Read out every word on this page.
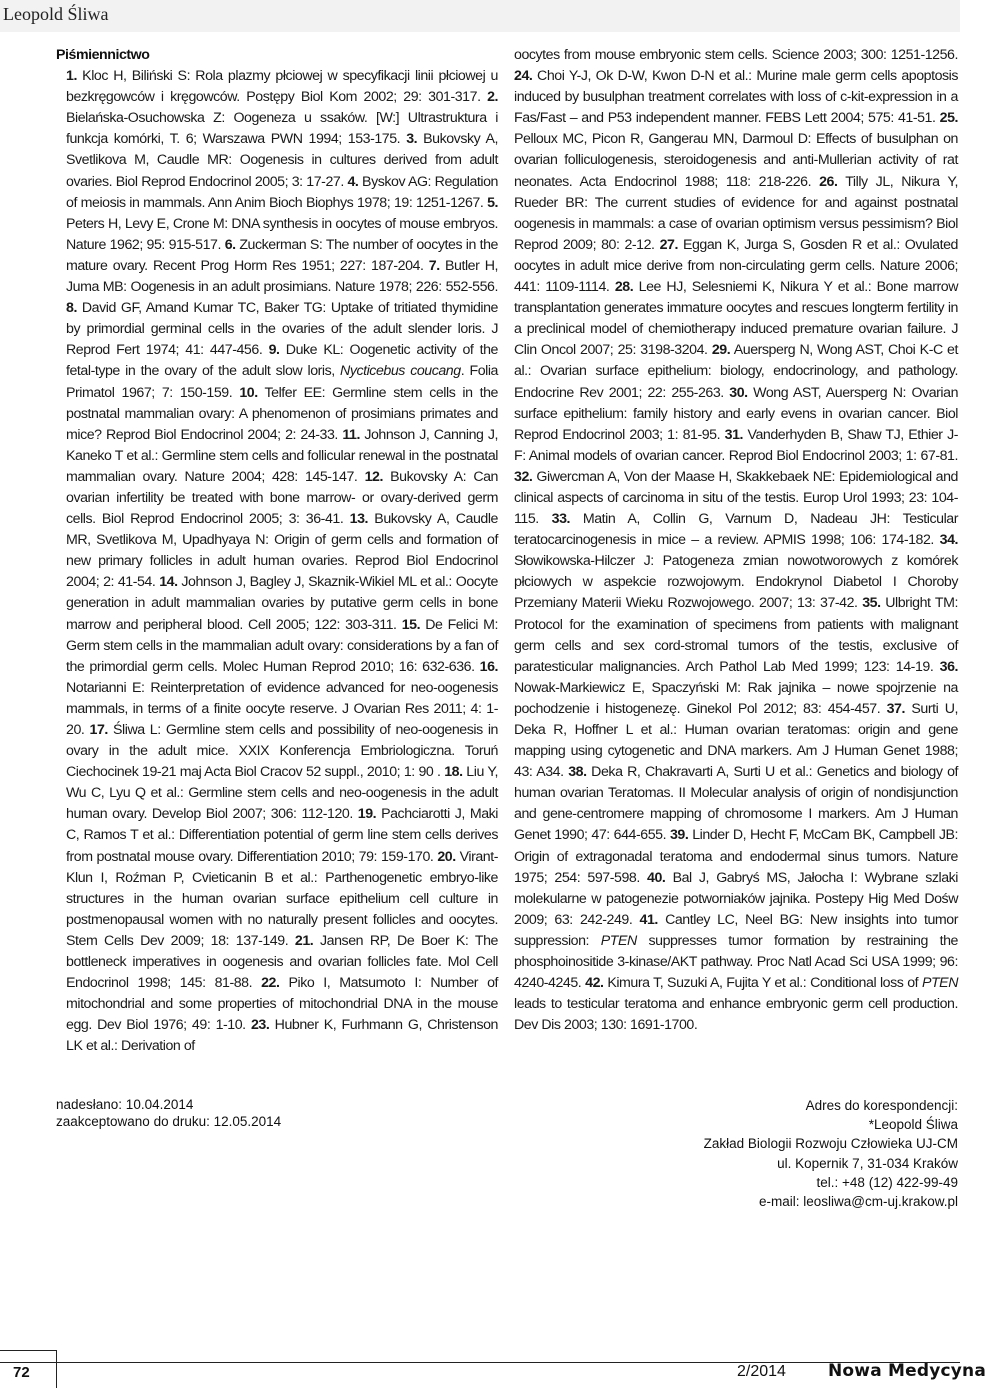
Leopold Śliwa
Piśmiennictwo
1. Kloc H, Biliński S: Rola plazmy płciowej w specyfikacji linii płciowej u bezkręgowców i kręgowców. Postępy Biol Kom 2002; 29: 301-317. 2. Bielańska-Osuchowska Z: Oogeneza u ssaków. [W:] Ultrastruktura i funkcja komórki, T. 6; Warszawa PWN 1994; 153-175. 3. Bukovsky A, Svetlikova M, Caudle MR: Oogenesis in cultures derived from adult ovaries. Biol Reprod Endocrinol 2005; 3: 17-27. 4. Byskov AG: Regulation of meiosis in mammals. Ann Anim Bioch Biophys 1978; 19: 1251-1267. 5. Peters H, Levy E, Crone M: DNA synthesis in oocytes of mouse embryos. Nature 1962; 95: 915-517. 6. Zuckerman S: The number of oocytes in the mature ovary. Recent Prog Horm Res 1951; 227: 187-204. 7. Butler H, Juma MB: Oogenesis in an adult prosimians. Nature 1978; 226: 552-556. 8. David GF, Amand Kumar TC, Baker TG: Uptake of tritiated thymidine by primordial germinal cells in the ovaries of the adult slender loris. J Reprod Fert 1974; 41: 447-456. 9. Duke KL: Oogenetic activity of the fetal-type in the ovary of the adult slow loris, Nycticebus coucang. Folia Primatol 1967; 7: 150-159. 10. Telfer EE: Germline stem cells in the postnatal mammalian ovary: A phenomenon of prosimians primates and mice? Reprod Biol Endocrinol 2004; 2: 24-33. 11. Johnson J, Canning J, Kaneko T et al.: Germline stem cells and follicular renewal in the postnatal mammalian ovary. Nature 2004; 428: 145-147. 12. Bukovsky A: Can ovarian infertility be treated with bone marrow- or ovary-derived germ cells. Biol Reprod Endocrinol 2005; 3: 36-41. 13. Bukovsky A, Caudle MR, Svetlikova M, Upadhyaya N: Origin of germ cells and formation of new primary follicles in adult human ovaries. Reprod Biol Endocrinol 2004; 2: 41-54. 14. Johnson J, Bagley J, Skaznik-Wikiel ML et al.: Oocyte generation in adult mammalian ovaries by putative germ cells in bone marrow and peripheral blood. Cell 2005; 122: 303-311. 15. De Felici M: Germ stem cells in the mammalian adult ovary: considerations by a fan of the primordial germ cells. Molec Human Reprod 2010; 16: 632-636. 16. Notarianni E: Reinterpretation of evidence advanced for neo-oogenesis mammals, in terms of a finite oocyte reserve. J Ovarian Res 2011; 4: 1-20. 17. Śliwa L: Germline stem cells and possibility of neo-oogenesis in ovary in the adult mice. XXIX Konferencja Embriologiczna. Toruń Ciechocinek 19-21 maj Acta Biol Cracov 52 suppl., 2010; 1: 90 . 18. Liu Y, Wu C, Lyu Q et al.: Germline stem cells and neo-oogenesis in the adult human ovary. Develop Biol 2007; 306: 112-120. 19. Pachciarotti J, Maki C, Ramos T et al.: Differentiation potential of germ line stem cells derives from postnatal mouse ovary. Differentiation 2010; 79: 159-170. 20. Virant-Klun I, Roźman P, Cvieticanin B et al.: Parthenogenetic embryo-like structures in the human ovarian surface epithelium cell culture in postmenopausal women with no naturally present follicles and oocytes. Stem Cells Dev 2009; 18: 137-149. 21. Jansen RP, De Boer K: The bottleneck imperatives in oogenesis and ovarian follicles fate. Mol Cell Endocrinol 1998; 145: 81-88. 22. Piko I, Matsumoto I: Number of mitochondrial and some properties of mitochondrial DNA in the mouse egg. Dev Biol 1976; 49: 1-10. 23. Hubner K, Furhmann G, Christenson LK et al.: Derivation of
oocytes from mouse embryonic stem cells. Science 2003; 300: 1251-1256. 24. Choi Y-J, Ok D-W, Kwon D-N et al.: Murine male germ cells apoptosis induced by busulphan treatment correlates with loss of c-kit-expression in a Fas/Fast – and P53 independent manner. FEBS Lett 2004; 575: 41-51. 25. Pelloux MC, Picon R, Gangerau MN, Darmoul D: Effects of busulphan on ovarian folliculogenesis, steroidogenesis and anti-Mullerian activity of rat neonates. Acta Endocrinol 1988; 118: 218-226. 26. Tilly JL, Nikura Y, Rueder BR: The current studies of evidence for and against postnatal oogenesis in mammals: a case of ovarian optimism versus pessimism? Biol Reprod 2009; 80: 2-12. 27. Eggan K, Jurga S, Gosden R et al.: Ovulated oocytes in adult mice derive from non-circulating germ cells. Nature 2006; 441: 1109-1114. 28. Lee HJ, Selesniemi K, Nikura Y et al.: Bone marrow transplantation generates immature oocytes and rescues longterm fertility in a preclinical model of chemiotherapy induced premature ovarian failure. J Clin Oncol 2007; 25: 3198-3204. 29. Auersperg N, Wong AST, Choi K-C et al.: Ovarian surface epithelium: biology, endocrinology, and pathology. Endocrine Rev 2001; 22: 255-263. 30. Wong AST, Auersperg N: Ovarian surface epithelium: family history and early evens in ovarian cancer. Biol Reprod Endocrinol 2003; 1: 81-95. 31. Vanderhyden B, Shaw TJ, Ethier J-F: Animal models of ovarian cancer. Reprod Biol Endocrinol 2003; 1: 67-81. 32. Giwercman A, Von der Maase H, Skakkebaek NE: Epidemiological and clinical aspects of carcinoma in situ of the testis. Europ Urol 1993; 23: 104-115. 33. Matin A, Collin G, Varnum D, Nadeau JH: Testicular teratocarcinogenesis in mice – a review. APMIS 1998; 106: 174-182. 34. Słowikowska-Hilczer J: Patogeneza zmian nowotworowych z komórek płciowych w aspekcie rozwojowym. Endokrynol Diabetol I Choroby Przemiany Materii Wieku Rozwojowego. 2007; 13: 37-42. 35. Ulbright TM: Protocol for the examination of specimens from patients with malignant germ cells and sex cord-stromal tumors of the testis, exclusive of paratesticular malignancies. Arch Pathol Lab Med 1999; 123: 14-19. 36. Nowak-Markiewicz E, Spaczyński M: Rak jajnika – nowe spojrzenie na pochodzenie i histogenezę. Ginekol Pol 2012; 83: 454-457. 37. Surti U, Deka R, Hoffner L et al.: Human ovarian teratomas: origin and gene mapping using cytogenetic and DNA markers. Am J Human Genet 1988; 43: A34. 38. Deka R, Chakravarti A, Surti U et al.: Genetics and biology of human ovarian Teratomas. II Molecular analysis of origin of nondisjunction and gene-centromere mapping of chromosome I markers. Am J Human Genet 1990; 47: 644-655. 39. Linder D, Hecht F, McCam BK, Campbell JB: Origin of extragonadal teratoma and endodermal sinus tumors. Nature 1975; 254: 597-598. 40. Bal J, Gabryś MS, Jałocha I: Wybrane szlaki molekularne w patogenezie potworniaków jajnika. Postepy Hig Med Dośw 2009; 63: 242-249. 41. Cantley LC, Neel BG: New insights into tumor suppression: PTEN suppresses tumor formation by restraining the phosphoinositide 3-kinase/AKT pathway. Proc Natl Acad Sci USA 1999; 96: 4240-4245. 42. Kimura T, Suzuki A, Fujita Y et al.: Conditional loss of PTEN leads to testicular teratoma and enhance embryonic germ cell production. Dev Dis 2003; 130: 1691-1700.
nadesłano: 10.04.2014
zaakceptowano do druku: 12.05.2014
Adres do korespondencji:
*Leopold Śliwa
Zakład Biologii Rozwoju Człowieka UJ-CM
ul. Kopernik 7, 31-034 Kraków
tel.: +48 (12) 422-99-49
e-mail: leosliwa@cm-uj.krakow.pl
72	2/2014 Nowa Medycyna
